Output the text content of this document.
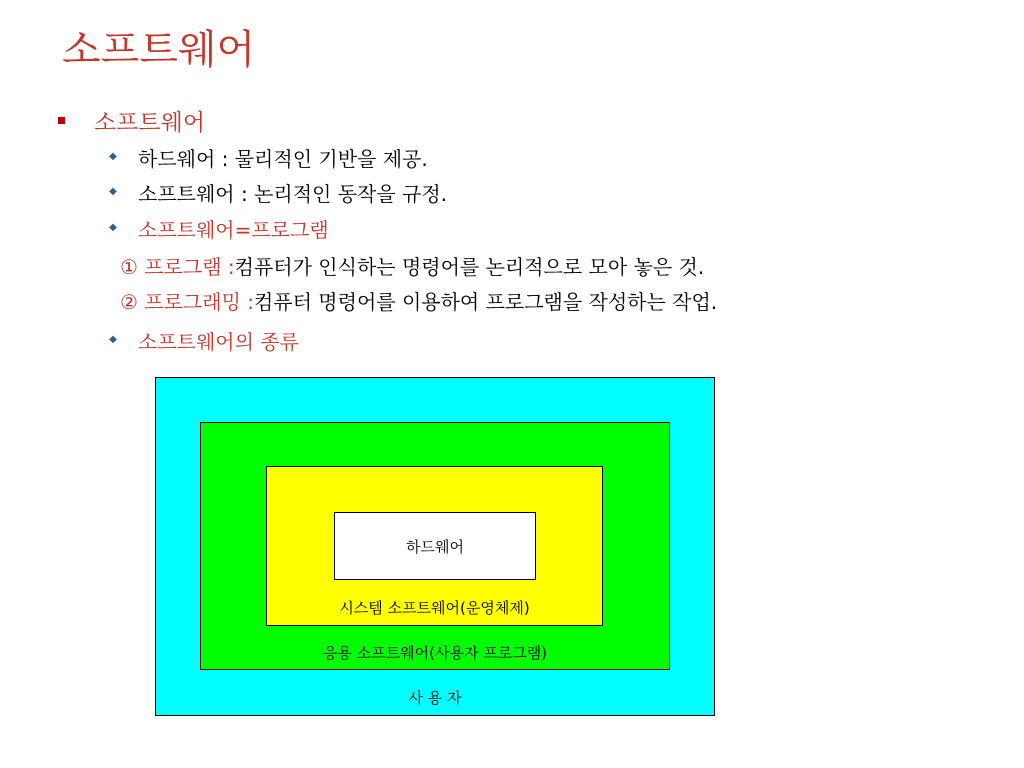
소프트웨어
소프트웨어
◆ 하드웨어 : 물리적인 기반을 제공.
◆ 소프트웨어 : 논리적인 동작을 규정.
◆ 소프트웨어=프로그램
① 프로그램 : 컴퓨터가 인식하는 명령어를 논리적으로 모아 놓은 것.
② 프로그래밍 : 컴퓨터 명령어를 이용하여 프로그램을 작성하는 작업.
◆ 소프트웨어의 종류
사 용 자
응용 소프트웨어(사용자 프로그램)
시스템 소프트웨어(운영체제)
하드웨어
